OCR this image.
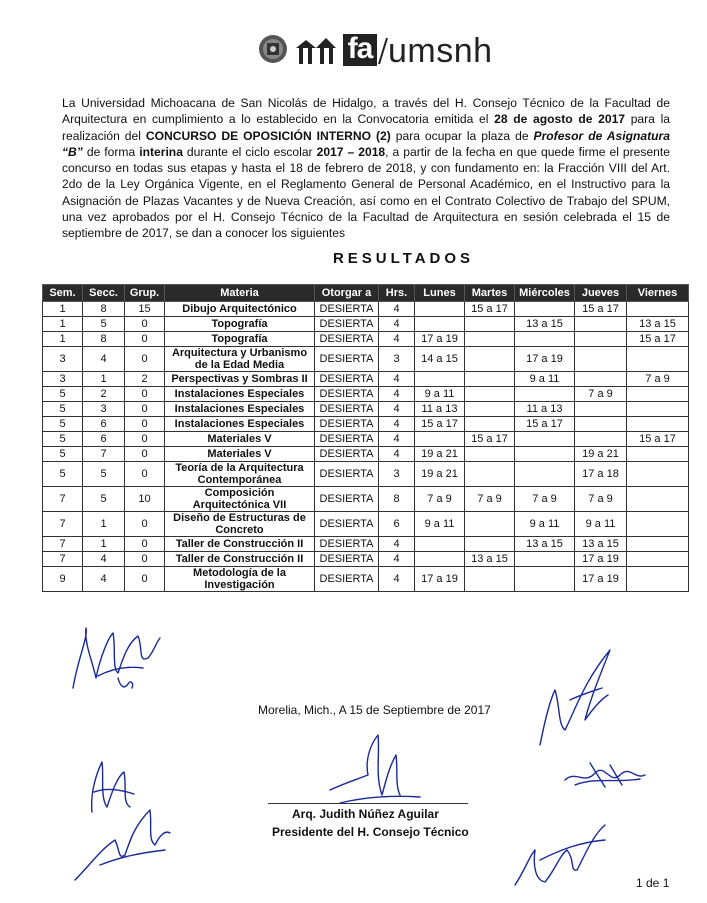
fa umsnh
La Universidad Michoacana de San Nicolás de Hidalgo, a través del H. Consejo Técnico de la Facultad de Arquitectura en cumplimiento a lo establecido en la Convocatoria emitida el 28 de agosto de 2017 para la realización del CONCURSO DE OPOSICIÓN INTERNO (2) para ocupar la plaza de Profesor de Asignatura “B” de forma interina durante el ciclo escolar 2017 – 2018, a partir de la fecha en que quede firme el presente concurso en todas sus etapas y hasta el 18 de febrero de 2018, y con fundamento en: la Fracción VIII del Art. 2do de la Ley Orgánica Vigente, en el Reglamento General de Personal Académico, en el Instructivo para la Asignación de Plazas Vacantes y de Nueva Creación, así como en el Contrato Colectivo de Trabajo del SPUM, una vez aprobados por el H. Consejo Técnico de la Facultad de Arquitectura en sesión celebrada el 15 de septiembre de 2017, se dan a conocer los siguientes
RESULTADOS
Sem.	Secc.	Grup.	Materia	Otorgar a	Hrs.	Lunes	Martes	Miércoles	Jueves	Viernes
1	8	15	Dibujo Arquitectónico	DESIERTA	4		15 a 17		15 a 17	
1	5	0	Topografía	DESIERTA	4			13 a 15		13 a 15
1	8	0	Topografía	DESIERTA	4	17 a 19				15 a 17
3	4	0	Arquitectura y Urbanismo de la Edad Media	DESIERTA	3	14 a 15		17 a 19		
3	1	2	Perspectivas y Sombras II	DESIERTA	4			9 a 11		7 a 9
5	2	0	Instalaciones Especiales	DESIERTA	4	9 a 11			7 a 9	
5	3	0	Instalaciones Especiales	DESIERTA	4	11 a 13		11 a 13		
5	6	0	Instalaciones Especiales	DESIERTA	4	15 a 17		15 a 17		
5	6	0	Materiales V	DESIERTA	4		15 a 17			15 a 17
5	7	0	Materiales V	DESIERTA	4	19 a 21			19 a 21	
5	5	0	Teoría de la Arquitectura Contemporánea	DESIERTA	3	19 a 21			17 a 18	
7	5	10	Composición Arquitectónica VII	DESIERTA	8	7 a 9	7 a 9	7 a 9	7 a 9	
7	1	0	Diseño de Estructuras de Concreto	DESIERTA	6	9 a 11		9 a 11	9 a 11	
7	1	0	Taller de Construcción II	DESIERTA	4			13 a 15	13 a 15	
7	4	0	Taller de Construcción II	DESIERTA	4		13 a 15		17 a 19	
9	4	0	Metodología de la Investigación	DESIERTA	4	17 a 19			17 a 19	
Morelia, Mich., A 15 de Septiembre de 2017
Arq. Judith Núñez Aguilar
Presidente del H. Consejo Técnico
1 de 1
